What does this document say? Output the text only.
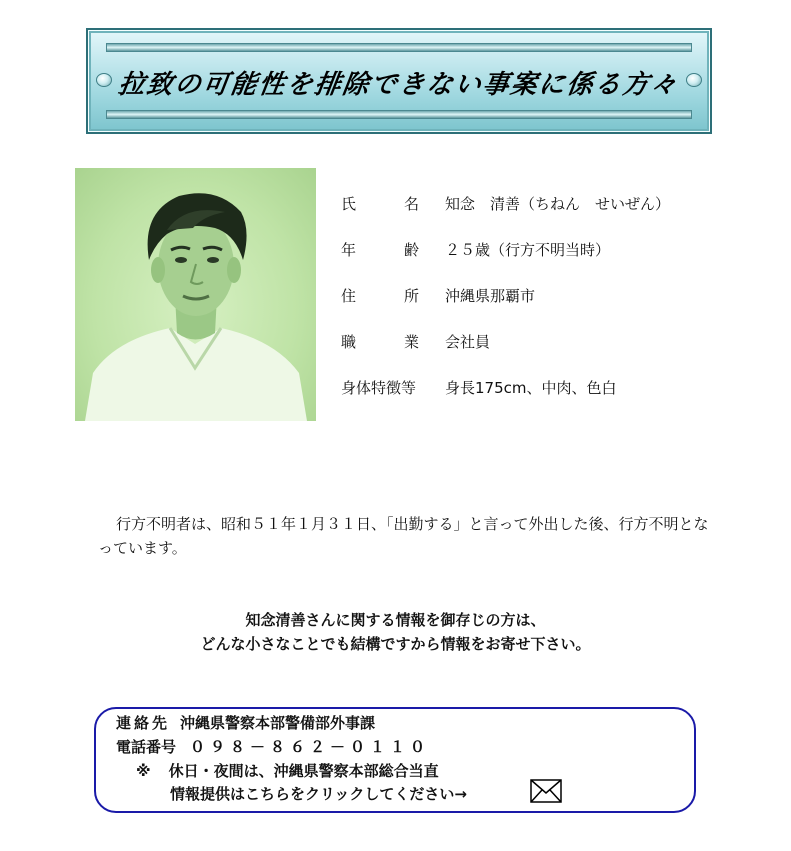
拉致の可能性を排除できない事案に係る方々
氏	名 知念　清善（ちねん　せいぜん）
年	齢 ２５歳（行方不明当時）
住	所 沖縄県那覇市
職	業 会社員
身体特徴等	身長175cm、中肉、色白

行方不明者は、昭和５１年１月３１日、「出勤する」と言って外出した後、行方不明となっています。

知念清善さんに関する情報を御存じの方は、
どんな小さなことでも結構ですから情報をお寄せ下さい。
連絡先 沖縄県警察本部警備部外事課
電話番号 ０９８－８６２－０１１０
※ 休日・夜間は、沖縄県警察本部総合当直
情報提供はこちらをクリックしてください→
